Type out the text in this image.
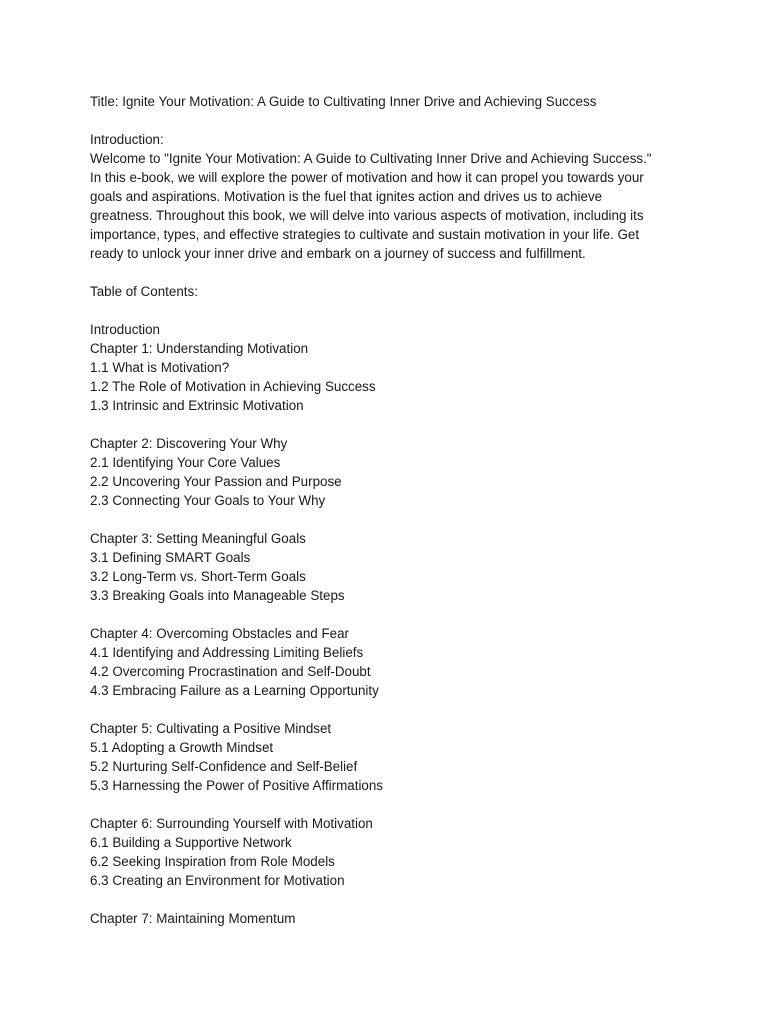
Title: Ignite Your Motivation: A Guide to Cultivating Inner Drive and Achieving Success
Introduction:
Welcome to "Ignite Your Motivation: A Guide to Cultivating Inner Drive and Achieving Success."
In this e-book, we will explore the power of motivation and how it can propel you towards your
goals and aspirations. Motivation is the fuel that ignites action and drives us to achieve
greatness. Throughout this book, we will delve into various aspects of motivation, including its
importance, types, and effective strategies to cultivate and sustain motivation in your life. Get
ready to unlock your inner drive and embark on a journey of success and fulfillment.
Table of Contents:
Introduction
Chapter 1: Understanding Motivation
1.1 What is Motivation?
1.2 The Role of Motivation in Achieving Success
1.3 Intrinsic and Extrinsic Motivation
Chapter 2: Discovering Your Why
2.1 Identifying Your Core Values
2.2 Uncovering Your Passion and Purpose
2.3 Connecting Your Goals to Your Why
Chapter 3: Setting Meaningful Goals
3.1 Defining SMART Goals
3.2 Long-Term vs. Short-Term Goals
3.3 Breaking Goals into Manageable Steps
Chapter 4: Overcoming Obstacles and Fear
4.1 Identifying and Addressing Limiting Beliefs
4.2 Overcoming Procrastination and Self-Doubt
4.3 Embracing Failure as a Learning Opportunity
Chapter 5: Cultivating a Positive Mindset
5.1 Adopting a Growth Mindset
5.2 Nurturing Self-Confidence and Self-Belief
5.3 Harnessing the Power of Positive Affirmations
Chapter 6: Surrounding Yourself with Motivation
6.1 Building a Supportive Network
6.2 Seeking Inspiration from Role Models
6.3 Creating an Environment for Motivation
Chapter 7: Maintaining Momentum
